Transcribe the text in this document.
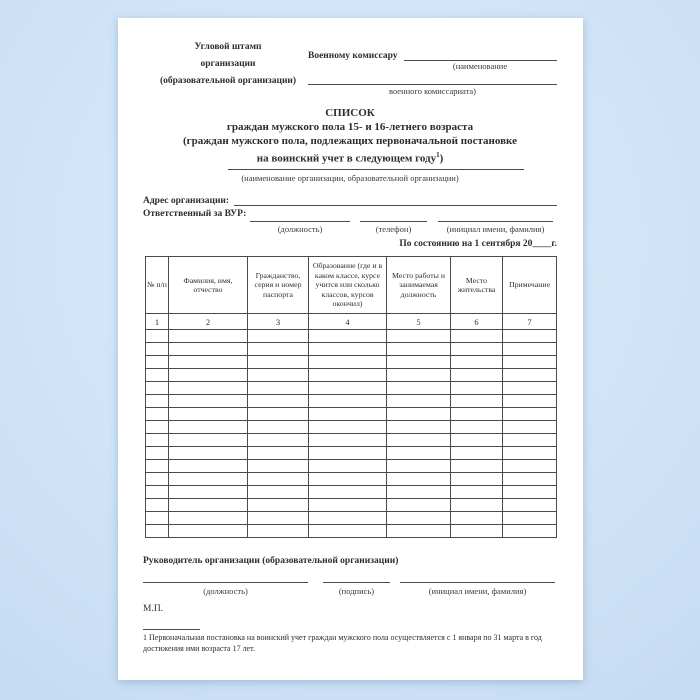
Угловой штамп
организации
(образовательной организации)
Военному комиссару
(наименование
военного комиссариата)
СПИСОК
граждан мужского пола 15- и 16-летнего возраста
(граждан мужского пола, подлежащих первоначальной постановке
на воинский учет в следующем году$^1$)
(наименование организации, образовательной организации)
Адрес организации:
Ответственный за ВУР:
(должность)	(телефон)	(инициал имени, фамилия)
По состоянию на 1 сентября 20____г.
№ п/п	Фамилия, имя, отчество	Гражданство, серия и номер паспорта	Образование (где и в каком классе, курсе учится или сколько классов, курсов окончил)	Место работы и занимаемая должность	Место жительства	Примечание
1	2	3	4	5	6	7

Руководитель организации (образовательной организации)
(должность)	(подпись)	(инициал имени, фамилия)
М.П.
1 Первоначальная постановка на воинский учет граждан мужского пола осуществляется с 1 января по 31 марта в год достижения ими возраста 17 лет.
